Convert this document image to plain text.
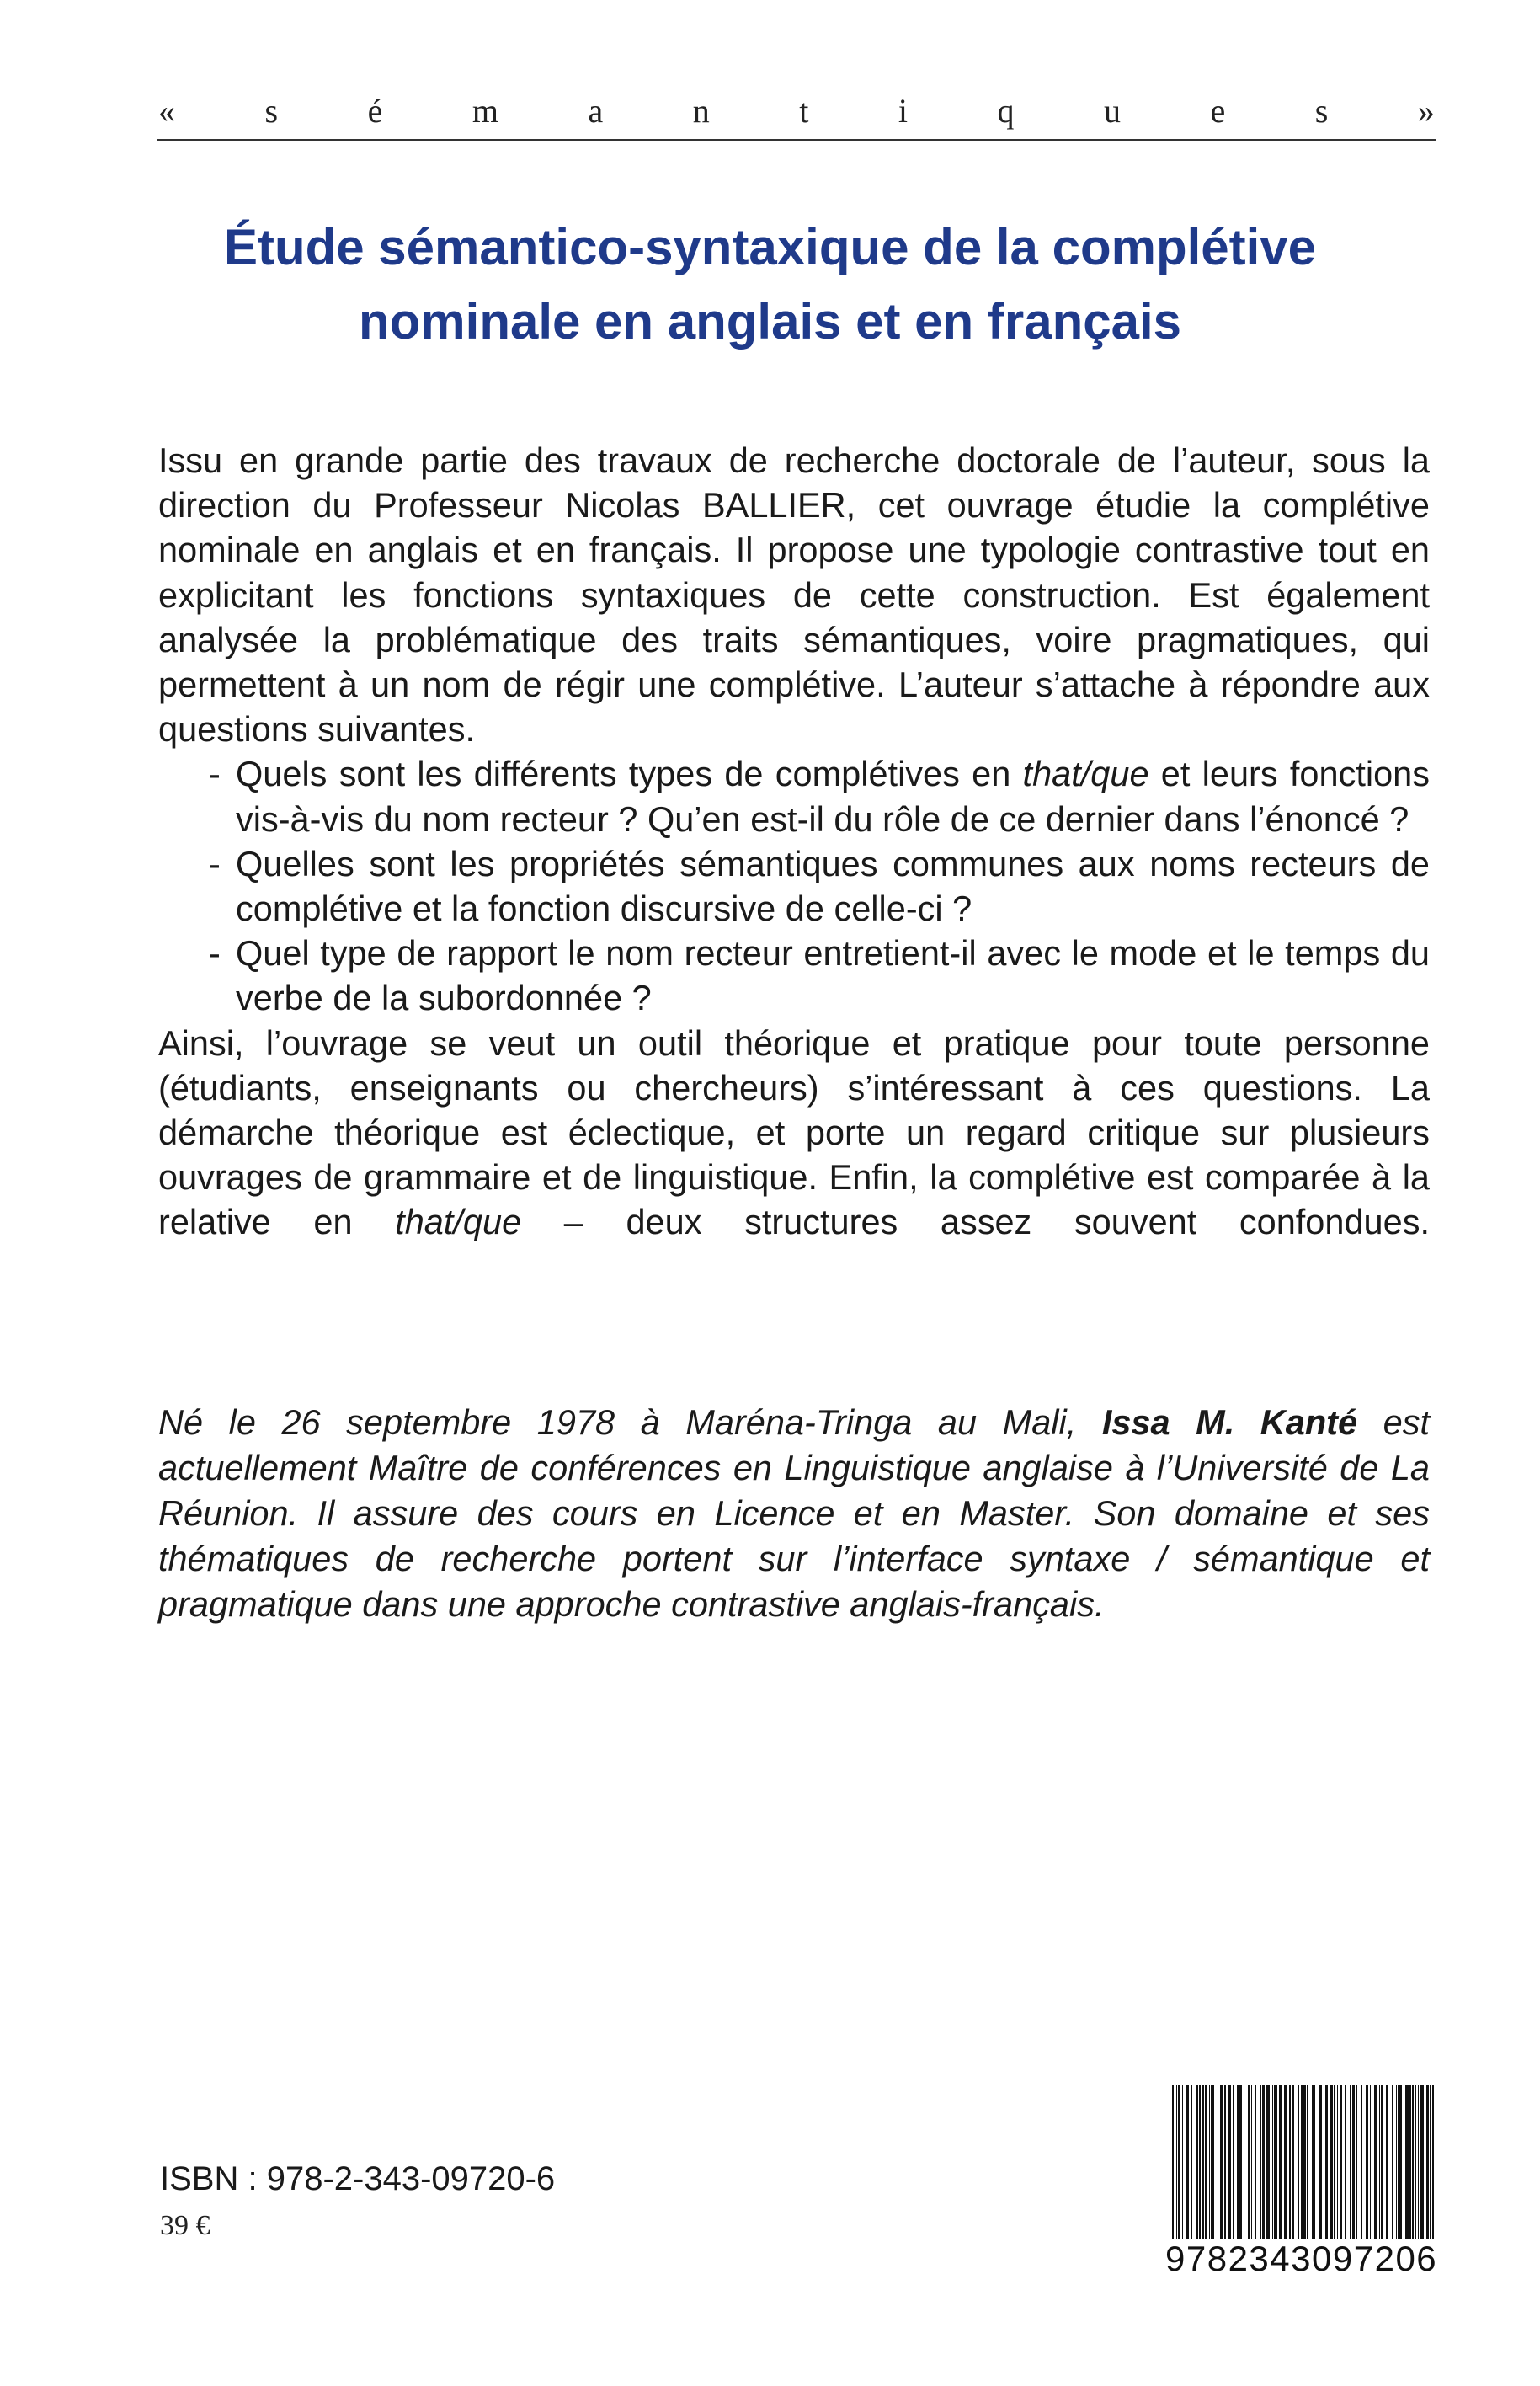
«	s	é	m	a	n	t	i	q	u	e	s	»
Étude sémantico-syntaxique de la complétive
nominale en anglais et en français

Issu en grande partie des travaux de recherche doctorale de l’auteur, sous la direction du Professeur Nicolas BALLIER, cet ouvrage étudie la complétive nominale en anglais et en français. Il propose une typologie contrastive tout en explicitant les fonctions syntaxiques de cette construction. Est également analysée la problématique des traits sémantiques, voire pragmatiques, qui permettent à un nom de régir une complétive. L’auteur s’attache à répondre aux questions suivantes.

- Quels sont les différents types de complétives en that/que et leurs fonctions vis-à-vis du nom recteur ? Qu’en est-il du rôle de ce dernier dans l’énoncé ?

- Quelles sont les propriétés sémantiques communes aux noms recteurs de complétive et la fonction discursive de celle-ci ?

- Quel type de rapport le nom recteur entretient-il avec le mode et le temps du verbe de la subordonnée ?

Ainsi, l’ouvrage se veut un outil théorique et pratique pour toute personne (étudiants, enseignants ou chercheurs) s’intéressant à ces questions. La démarche théorique est éclectique, et porte un regard critique sur plusieurs ouvrages de grammaire et de linguistique. Enfin, la complétive est comparée à la relative en that/que – deux structures assez souvent confondues.

Né le 26 septembre 1978 à Maréna-Tringa au Mali, Issa M. Kanté est actuellement Maître de conférences en Linguistique anglaise à l’Université de La Réunion. Il assure des cours en Licence et en Master. Son domaine et ses thématiques de recherche portent sur l’interface syntaxe / sémantique et pragmatique dans une approche contrastive anglais-français.

ISBN : 978-2-343-09720-6
39 €
9782343097206
